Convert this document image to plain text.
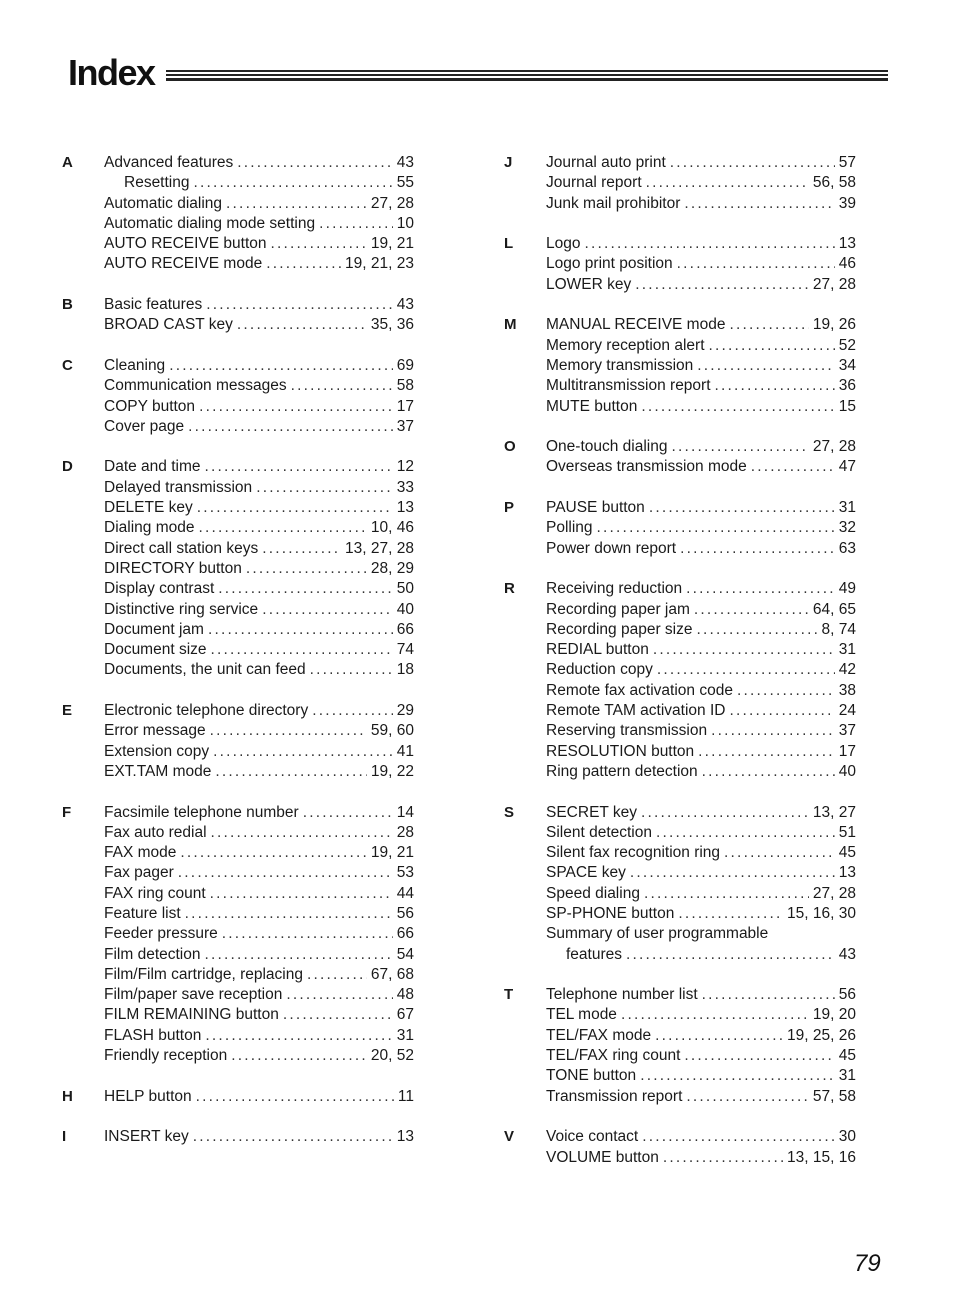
Index
A	Advanced features .....	43
Resetting .....	55
Automatic dialing .....	27, 28
Automatic dialing mode setting .....	10
AUTO RECEIVE button .....	19, 21
AUTO RECEIVE mode .....	19, 21, 23
B	Basic features .....	43
BROAD CAST key .....	35, 36
C	Cleaning .....	69
Communication messages .....	58
COPY button .....	17
Cover page .....	37
D	Date and time .....	12
Delayed transmission .....	33
DELETE key .....	13
Dialing mode .....	10, 46
Direct call station keys .....	13, 27, 28
DIRECTORY button .....	28, 29
Display contrast .....	50
Distinctive ring service .....	40
Document jam .....	66
Document size .....	74
Documents, the unit can feed .....	18
E	Electronic telephone directory .....	29
Error message .....	59, 60
Extension copy .....	41
EXT.TAM mode .....	19, 22
F	Facsimile telephone number .....	14
Fax auto redial .....	28
FAX mode .....	19, 21
Fax pager .....	53
FAX ring count .....	44
Feature list .....	56
Feeder pressure .....	66
Film detection .....	54
Film/Film cartridge, replacing .....	67, 68
Film/paper save reception .....	48
FILM REMAINING button .....	67
FLASH button .....	31
Friendly reception .....	20, 52
H	HELP button .....	11
I	INSERT key .....	13
J	Journal auto print .....	57
Journal report .....	56, 58
Junk mail prohibitor .....	39
L	Logo .....	13
Logo print position .....	46
LOWER key .....	27, 28
M	MANUAL RECEIVE mode .....	19, 26
Memory reception alert .....	52
Memory transmission .....	34
Multitransmission report .....	36
MUTE button .....	15
O	One-touch dialing .....	27, 28
Overseas transmission mode .....	47
P	PAUSE button .....	31
Polling .....	32
Power down report .....	63
R	Receiving reduction .....	49
Recording paper jam .....	64, 65
Recording paper size .....	8, 74
REDIAL button .....	31
Reduction copy .....	42
Remote fax activation code .....	38
Remote TAM activation ID .....	24
Reserving transmission .....	37
RESOLUTION button .....	17
Ring pattern detection .....	40
S	SECRET key .....	13, 27
Silent detection .....	51
Silent fax recognition ring .....	45
SPACE key .....	13
Speed dialing .....	27, 28
SP-PHONE button .....	15, 16, 30
Summary of user programmable
features .....	43
T	Telephone number list .....	56
TEL mode .....	19, 20
TEL/FAX mode .....	19, 25, 26
TEL/FAX ring count .....	45
TONE button .....	31
Transmission report .....	57, 58
V	Voice contact .....	30
VOLUME button .....	13, 15, 16
79
